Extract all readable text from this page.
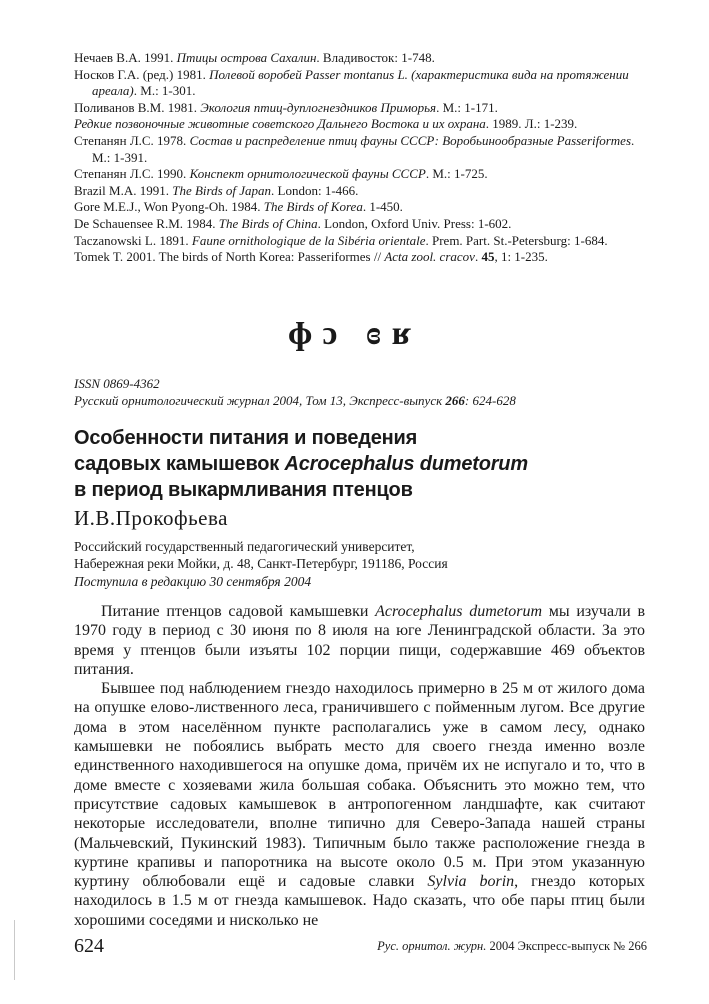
Нечаев В.А. 1991. Птицы острова Сахалин. Владивосток: 1-748.

Носков Г.А. (ред.) 1981. Полевой воробей Passer montanus L. (характеристика вида на протяжении ареала). М.: 1-301.

Поливанов В.М. 1981. Экология птиц-дуплогнездников Приморья. М.: 1-171.

Редкие позвоночные животные советского Дальнего Востока и их охрана. 1989. Л.: 1-239.

Степанян Л.С. 1978. Состав и распределение птиц фауны СССР: Воробьинообразные Passeriformes. М.: 1-391.

Степанян Л.С. 1990. Конспект орнитологической фауны СССР. М.: 1-725.

Brazil M.A. 1991. The Birds of Japan. London: 1-466.

Gore M.E.J., Won Pyong-Oh. 1984. The Birds of Korea. 1-450.

De Schauensee R.M. 1984. The Birds of China. London, Oxford Univ. Press: 1-602.

Taczanowski L. 1891. Faune ornithologique de la Sibéria orientale. Prem. Part. St.-Petersburg: 1-684.

Tomek T. 2001. The birds of North Korea: Passeriformes // Acta zool. cracov. 45, 1: 1-235.

ɸɔ ɞʁ

ISSN 0869-4362

Русский орнитологический журнал 2004, Том 13, Экспресс-выпуск 266: 624-628

Особенности питания и поведения
садовых камышевок Acrocephalus dumetorum
в период выкармливания птенцов

И.В.Прокофьева

Российский государственный педагогический университет,

Набережная реки Мойки, д. 48, Санкт-Петербург, 191186, Россия

Поступила в редакцию 30 сентября 2004

Питание птенцов садовой камышевки Acrocephalus dumetorum мы изучали в 1970 году в период с 30 июня по 8 июля на юге Ленинградской области. За это время у птенцов были изъяты 102 порции пищи, содержавшие 469 объектов питания.

Бывшее под наблюдением гнездо находилось примерно в 25 м от жилого дома на опушке елово-лиственного леса, граничившего с пойменным лугом. Все другие дома в этом населённом пункте располагались уже в самом лесу, однако камышевки не побоялись выбрать место для своего гнезда именно возле единственного находившегося на опушке дома, причём их не испугало и то, что в доме вместе с хозяевами жила большая собака. Объяснить это можно тем, что присутствие садовых камышевок в антропогенном ландшафте, как считают некоторые исследователи, вполне типично для Северо-Запада нашей страны (Мальчевский, Пукинский 1983). Типичным было также расположение гнезда в куртине крапивы и папоротника на высоте около 0.5 м. При этом указанную куртину облюбовали ещё и садовые славки Sylvia borin, гнездо которых находилось в 1.5 м от гнезда камышевок. Надо сказать, что обе пары птиц были хорошими соседями и нисколько не

624	Рус. орнитол. журн. 2004 Экспресс-выпуск № 266
